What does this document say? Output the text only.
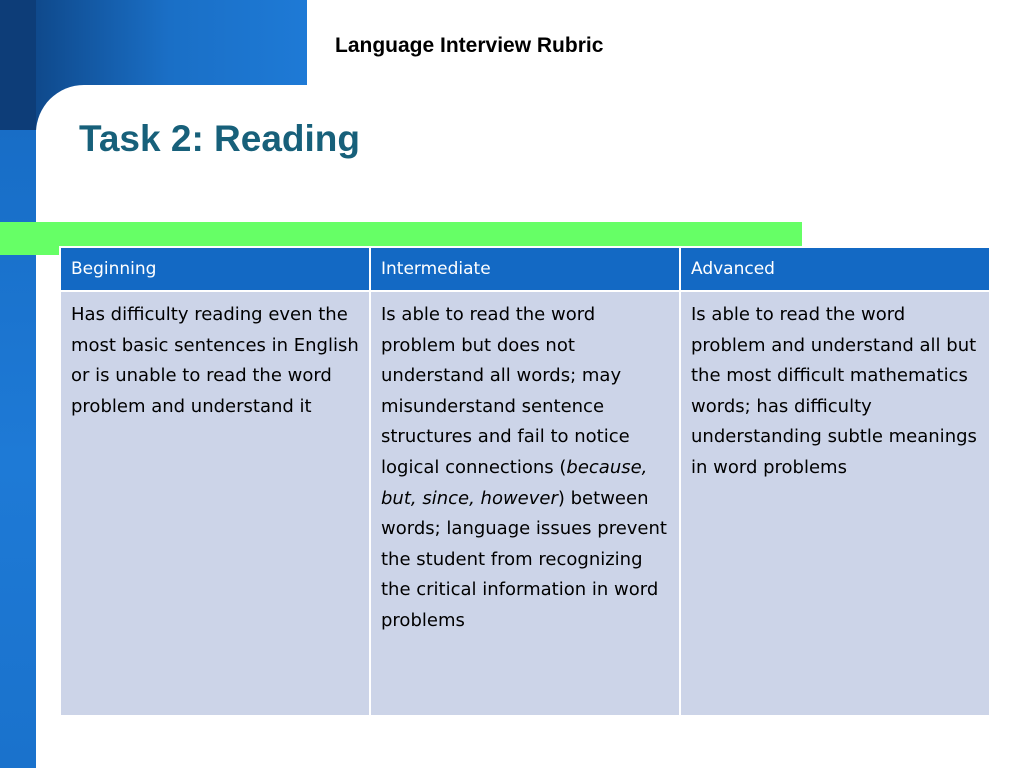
Language Interview Rubric
Task 2: Reading
Beginning	Intermediate	Advanced
Has difficulty reading even the most basic sentences in English or is unable to read the word problem and understand it	Is able to read the word problem but does not understand all words; may misunderstand sentence structures and fail to notice logical connections (because, but, since, however) between words; language issues prevent the student from recognizing the critical information in word problems	Is able to read the word problem and understand all but the most difficult mathematics words; has difficulty understanding subtle meanings in word problems
